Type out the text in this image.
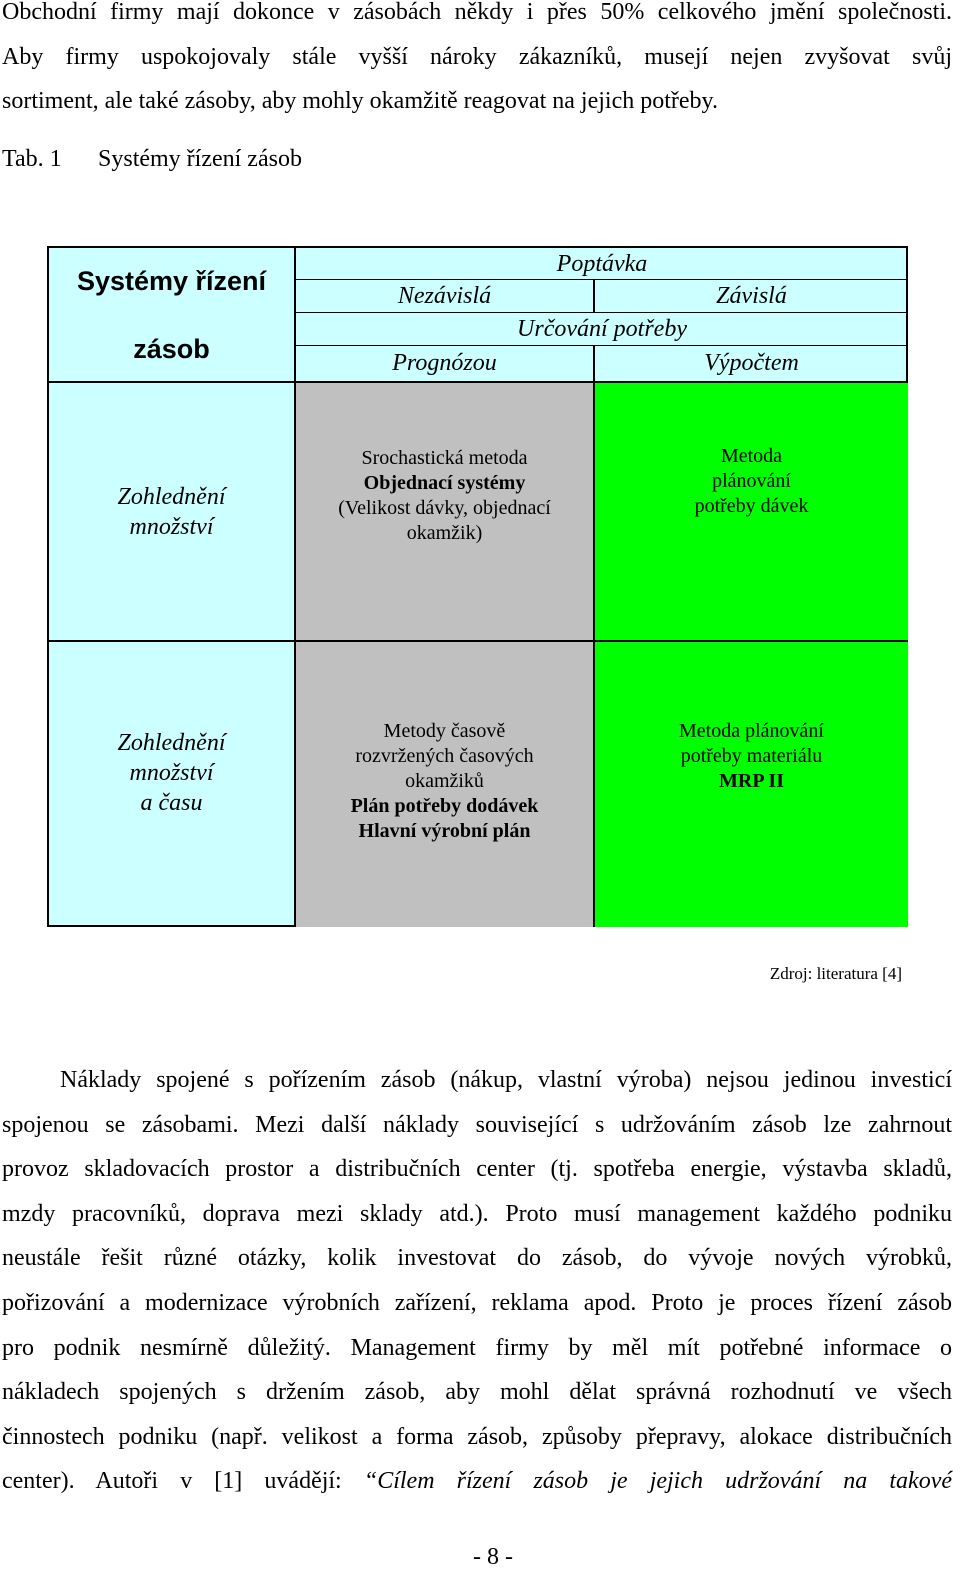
Obchodní firmy mají dokonce v zásobách někdy i přes 50% celkového jmění společnosti.
Aby firmy uspokojovaly stále vyšší nároky zákazníků, musejí nejen zvyšovat svůj
sortiment, ale také zásoby, aby mohly okamžitě reagovat na jejich potřeby.

Tab. 1 Systémy řízení zásob

Systémy řízení
zásob
Poptávka
Nezávislá	Závislá
Určování potřeby
Prognózou	Výpočtem
Zohlednění
množství
Srochastická metoda
Objednací systémy
(Velikost dávky, objednací
okamžik)
Metoda
plánování
potřeby dávek
Zohlednění
množství
a času
Metody časově
rozvržených časových
okamžiků
Plán potřeby dodávek
Hlavní výrobní plán
Metoda plánování
potřeby materiálu
MRP II

Zdroj: literatura [4]

Náklady spojené s pořízením zásob (nákup, vlastní výroba) nejsou jedinou investicí
spojenou se zásobami. Mezi další náklady související s udržováním zásob lze zahrnout
provoz skladovacích prostor a distribučních center (tj. spotřeba energie, výstavba skladů,
mzdy pracovníků, doprava mezi sklady atd.). Proto musí management každého podniku
neustále řešit různé otázky, kolik investovat do zásob, do vývoje nových výrobků,
pořizování a modernizace výrobních zařízení, reklama apod. Proto je proces řízení zásob
pro podnik nesmírně důležitý. Management firmy by měl mít potřebné informace o
nákladech spojených s držením zásob, aby mohl dělat správná rozhodnutí ve všech
činnostech podniku (např. velikost a forma zásob, způsoby přepravy, alokace distribučních
center). Autoři v [1] uvádějí: “Cílem řízení zásob je jejich udržování na takové

- 8 -
